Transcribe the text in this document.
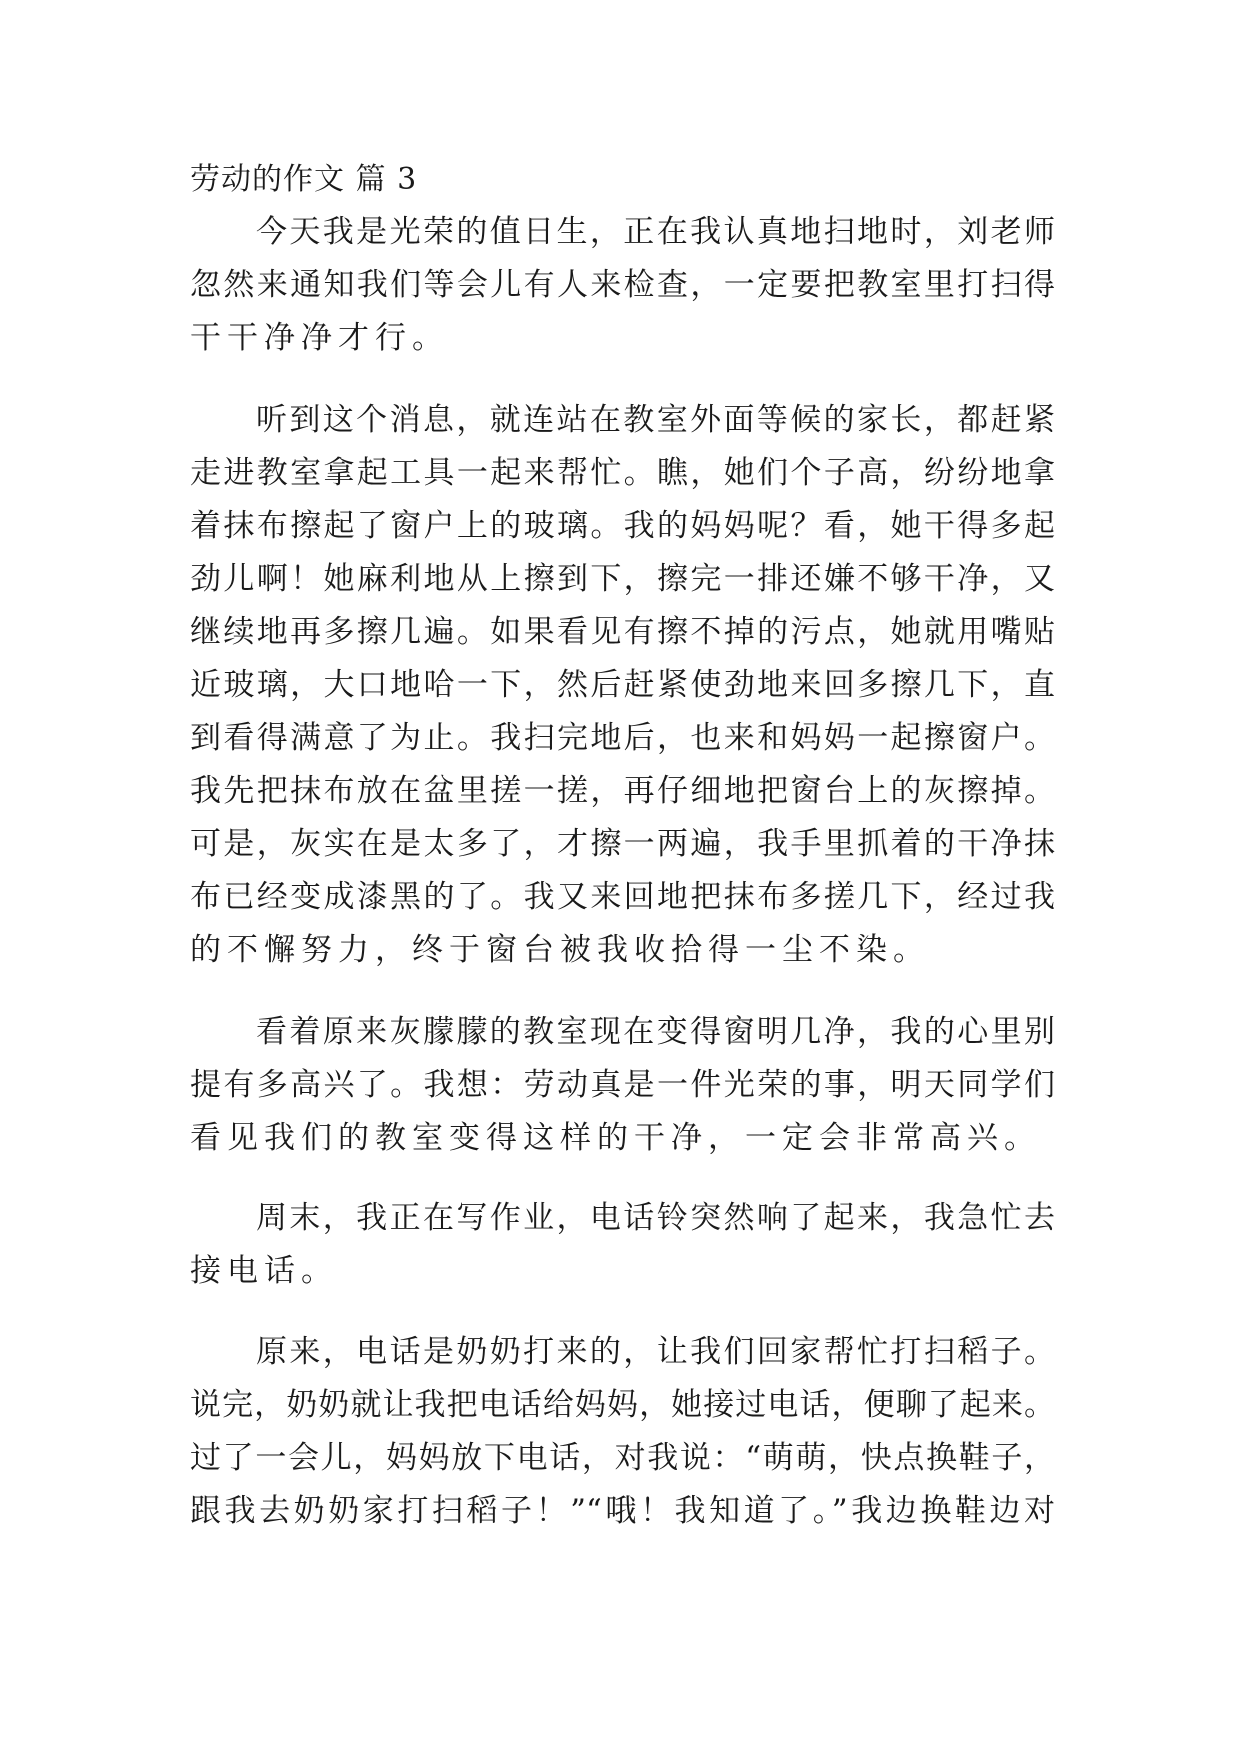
劳动的作文 篇 3
今天我是光荣的值日生，正在我认真地扫地时，刘老师
忽然来通知我们等会儿有人来检查，一定要把教室里打扫得
干干净净才行。
听到这个消息，就连站在教室外面等候的家长，都赶紧
走进教室拿起工具一起来帮忙。瞧，她们个子高，纷纷地拿
着抹布擦起了窗户上的玻璃。我的妈妈呢？看，她干得多起
劲儿啊！她麻利地从上擦到下，擦完一排还嫌不够干净，又
继续地再多擦几遍。如果看见有擦不掉的污点，她就用嘴贴
近玻璃，大口地哈一下，然后赶紧使劲地来回多擦几下，直
到看得满意了为止。我扫完地后，也来和妈妈一起擦窗户。
我先把抹布放在盆里搓一搓，再仔细地把窗台上的灰擦掉。
可是，灰实在是太多了，才擦一两遍，我手里抓着的干净抹
布已经变成漆黑的了。我又来回地把抹布多搓几下，经过我
的不懈努力，终于窗台被我收拾得一尘不染。
看着原来灰朦朦的教室现在变得窗明几净，我的心里别
提有多高兴了。我想：劳动真是一件光荣的事，明天同学们
看见我们的教室变得这样的干净，一定会非常高兴。
周末，我正在写作业，电话铃突然响了起来，我急忙去
接电话。
原来，电话是奶奶打来的，让我们回家帮忙打扫稻子。
说完，奶奶就让我把电话给妈妈，她接过电话，便聊了起来。
过了一会儿，妈妈放下电话，对我说：“萌萌，快点换鞋子，
跟我去奶奶家打扫稻子！”“哦！我知道了。”我边换鞋边对
